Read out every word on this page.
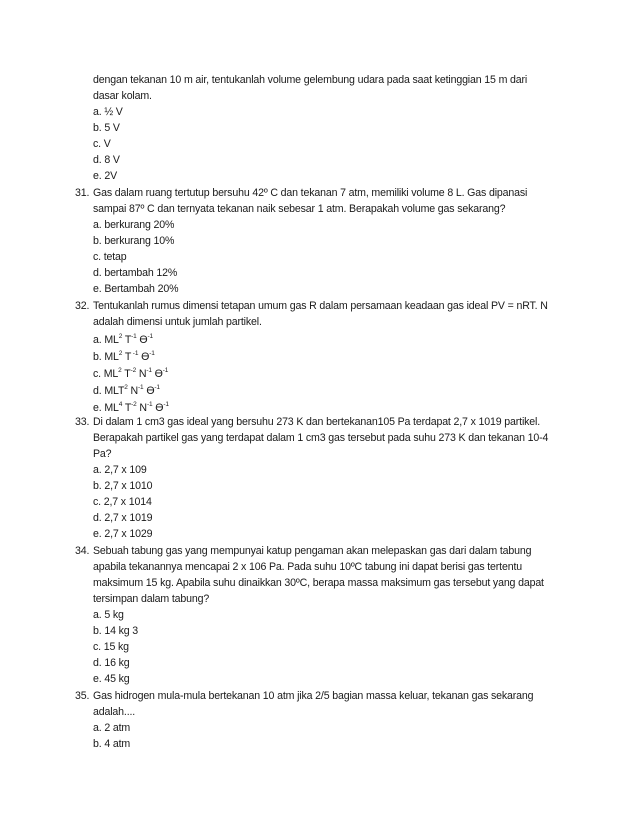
dengan tekanan 10 m air, tentukanlah volume gelembung udara pada saat ketinggian 15 m dari
dasar kolam.
a. ½ V
b. 5 V
c. V
d. 8 V
e. 2V
31. Gas dalam ruang tertutup bersuhu 42º C dan tekanan 7 atm, memiliki volume 8 L. Gas dipanasi
sampai 87º C dan ternyata tekanan naik sebesar 1 atm. Berapakah volume gas sekarang?
a. berkurang 20%
b. berkurang 10%
c. tetap
d. bertambah 12%
e. Bertambah 20%
32. Tentukanlah rumus dimensi tetapan umum gas R dalam persamaan keadaan gas ideal PV = nRT. N
adalah dimensi untuk jumlah partikel.
a. $ML^2$ $T^{-1}$ $Ө^{-1}$
b. $ML^2$ T $^{-1}$ $Ө^{-1}$
c. $ML^2$ $T^{-2}$ $N^{-1}$ $Ө^{-1}$
d. MLT$^2$ $N^{-1}$ $Ө^{-1}$
e. $ML^4$ $T^{-2}$ $N^{-1}$ $Ө^{-1}$
33. Di dalam 1 cm3 gas ideal yang bersuhu 273 K dan bertekanan105 Pa terdapat 2,7 x 1019 partikel.
Berapakah partikel gas yang terdapat dalam 1 cm3 gas tersebut pada suhu 273 K dan tekanan 10-4
Pa?
a. 2,7 x 109
b. 2,7 x 1010
c. 2,7 x 1014
d. 2,7 x 1019
e. 2,7 x 1029
34. Sebuah tabung gas yang mempunyai katup pengaman akan melepaskan gas dari dalam tabung
apabila tekanannya mencapai 2 x 106 Pa. Pada suhu 10ºC tabung ini dapat berisi gas tertentu
maksimum 15 kg. Apabila suhu dinaikkan 30ºC, berapa massa maksimum gas tersebut yang dapat
tersimpan dalam tabung?
a. 5 kg
b. 14 kg 3
c. 15 kg
d. 16 kg
e. 45 kg
35. Gas hidrogen mula-mula bertekanan 10 atm jika 2/5 bagian massa keluar, tekanan gas sekarang
adalah....
a. 2 atm
b. 4 atm
